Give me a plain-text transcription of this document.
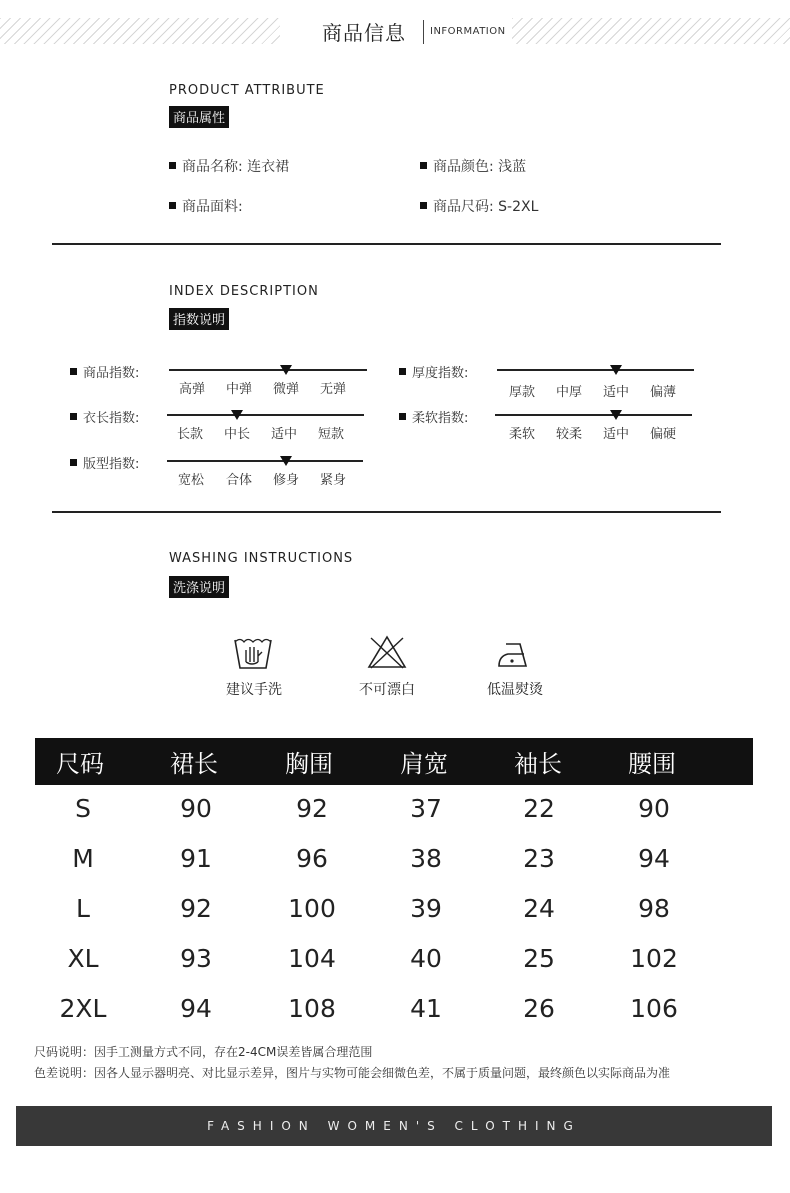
商品信息 INFORMATION
PRODUCT ATTRIBUTE
商品属性
商品名称: 连衣裙	商品颜色: 浅蓝
商品面料:	商品尺码: S-2XL
INDEX DESCRIPTION
指数说明
商品指数:
高弹 中弹 微弹 无弹
衣长指数:
长款 中长 适中 短款
版型指数:
宽松 合体 修身 紧身
厚度指数:
厚款 中厚 适中 偏薄
柔软指数:
柔软 较柔 适中 偏硬
WASHING INSTRUCTIONS
洗涤说明
建议手洗	不可漂白	低温熨烫
尺码	裙长	胸围	肩宽	袖长	腰围
S	90	92	37	22	90
M	91	96	38	23	94
L	92	100	39	24	98
XL	93	104	40	25	102
2XL	94	108	41	26	106
尺码说明：因手工测量方式不同，存在2-4CM误差皆属合理范围
色差说明：因各人显示器明亮、对比显示差异，图片与实物可能会细微色差，不属于质量问题，最终颜色以实际商品为准
FASHION WOMEN'S CLOTHING
